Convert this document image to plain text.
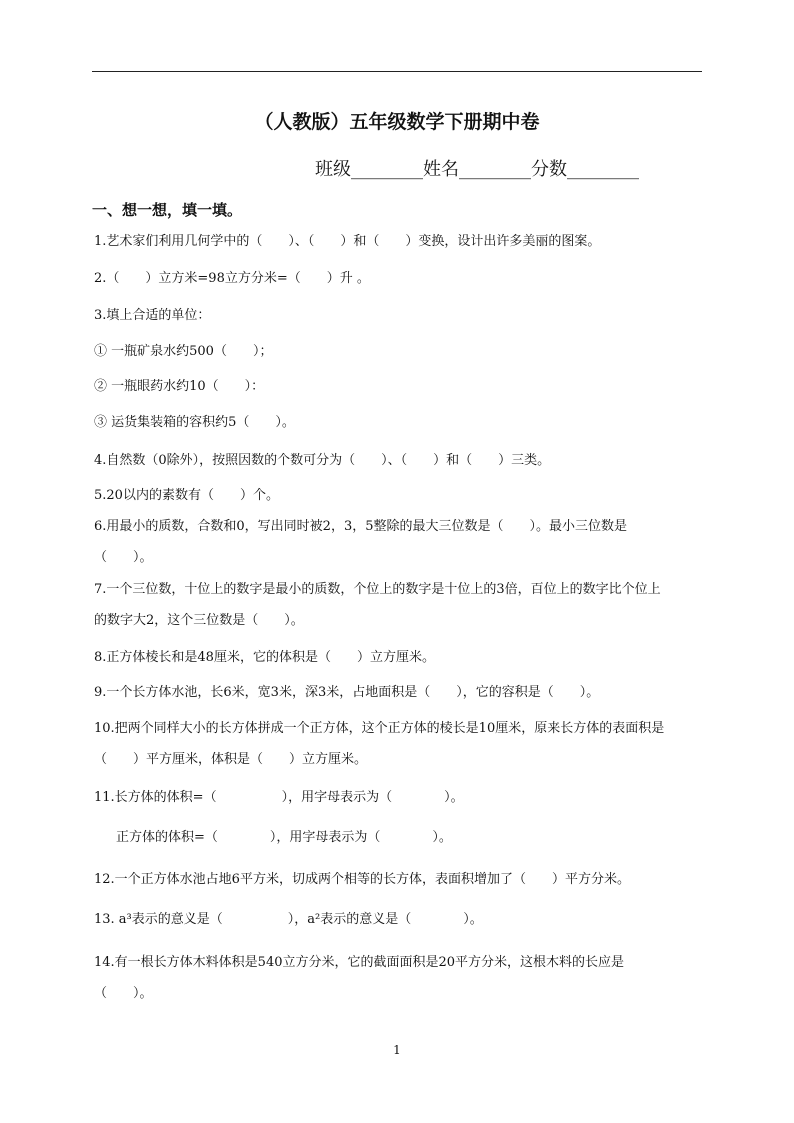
（人教版）五年级数学下册期中卷
班级________姓名________分数________
一、想一想，填一填。
1.艺术家们利用几何学中的（　　）、（　　）和（　　）变换，设计出许多美丽的图案。
2.（　　）立方米=98立方分米=（　　）升 。
3.填上合适的单位：
① 一瓶矿泉水约500（　　）；
② 一瓶眼药水约10（　　）：
③ 运货集装箱的容积约5（　　）。
4.自然数（0除外），按照因数的个数可分为（　　）、（　　）和（　　）三类。
5.20以内的素数有（　　）个。
6.用最小的质数，合数和0，写出同时被2，3，5整除的最大三位数是（　　）。最小三位数是
（　　）。
7.一个三位数，十位上的数字是最小的质数，个位上的数字是十位上的3倍，百位上的数字比个位上
的数字大2，这个三位数是（　　）。
8.正方体棱长和是48厘米，它的体积是（　　）立方厘米。
9.一个长方体水池，长6米，宽3米，深3米，占地面积是（　　），它的容积是（　　）。
10.把两个同样大小的长方体拼成一个正方体，这个正方体的棱长是10厘米，原来长方体的表面积是
（　　）平方厘米，体积是（　　）立方厘米。
11.长方体的体积=（　　　　　），用字母表示为（　　　　）。
正方体的体积=（　　　　），用字母表示为（　　　　）。
12.一个正方体水池占地6平方米，切成两个相等的长方体，表面积增加了（　　）平方分米。
13. a³表示的意义是（　　　　　），a²表示的意义是（　　　　）。
14.有一根长方体木料体积是540立方分米，它的截面面积是20平方分米，这根木料的长应是
（　　）。
1
